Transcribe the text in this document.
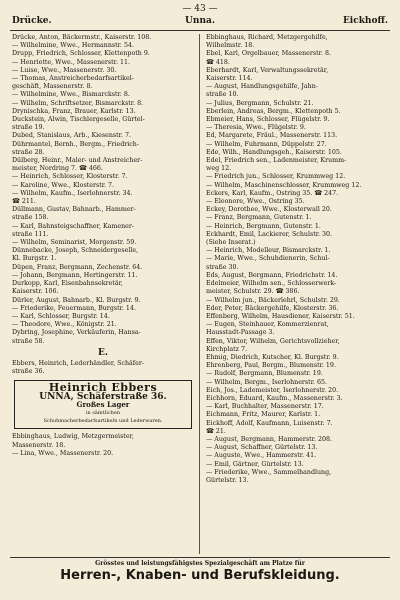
— 43 —
Drücke.	Unna.	Eickhoff.
Drücke, Anton, Bäckermstr., Kaiserstr. 108.
— Wilhelmine, Wwe., Hermannstr. 54.
Drupp, Friedrich, Schlosser, Klettenpoth 9.
— Henriette, Wwe., Massenerstr. 11.
— Luise, Wwe., Massenerstr. 30.
— Thomas, Anstreicherbedarfsartikel-
geschäft, Massenerstr. 8.
— Wilhelmine, Wwe., Bismarckstr. 8.
— Wilhelm, Schriftsetzer, Bismarckstr. 8.
Drynischka, Franz, Brauer, Karlstr. 13.
Duckstein, Alwin, Tischlergeselle, Gürtel-
straße 19.
Dubed, Stanislaus, Arb., Kiesenstr. 7.
Dührmantel, Bernh., Bergm., Friedrich-
straße 28.
Dülberg, Heinr., Maler- und Anstreicher-
meister, Nordring 7. ☎ 466.
— Heinrich, Schlosser, Klosterstr. 7.
— Karoline, Wwe., Klosterstr. 7.
— Wilhelm, Kaufm., Iserlohnerstr. 34.
☎ 211.
Düllmann, Gustav, Bahnarb., Hammer-
straße 158.
— Karl, Bahnsteigschaffner, Kamener-
straße 111.
— Wilhelm, Seminarist, Morgenstr. 59.
Dünnebacke, Joseph, Schneidergeselle,
Kl. Burgstr. 1.
Düpen, Franz, Bergmann, Zechenstr. 64.
— Johann, Bergmann, Hertingerstr. 11.
Durkopp, Karl, Eisenbahnsekretär,
Kaiserstr. 106.
Dürler, August, Bahnarb., Kl. Burgstr. 9.
— Friederike, Feuermann, Burgstr. 14.
— Karl, Schlosser, Burgstr. 14.
— Theodore, Wwe., Königstr. 21.
Dybring, Josephine, Verkäuferin, Hansa-
straße 58.
E.
Ebbers, Heinrich, Lederhändler, Schäfer-
straße 36.
Heinrich Ebbers
UNNA, Schäferstraße 36.
Großes Lager
in sämtlichen
Schuhmacherbedarfsartikeln und Lederwaren.
Ebbinghaus, Ludwig, Metzgermeister,
Massenerstr. 18.
— Lina, Wwe., Massenerstr. 20.
Ebbinghaus, Richard, Metzgergehilfe,
Wilhelmstr. 18.
Ebel, Karl, Orgelbauer, Massenerstr. 8.
☎ 418.
Eberhardt, Karl, Verwaltungssekretär,
Kaiserstr. 114.
— August, Handlungsgehilfe, Jahn-
straße 10.
— Julius, Bergmann, Schulstr. 21.
Eberlein, Andreas, Bergm., Klettenpoth 5.
Ebmeier, Hans, Schlosser, Flügelstr. 9.
— Theresia, Wwe., Flügelstr. 9.
Ed, Margarete, Fräul., Massenerstr. 113.
— Wilhelm, Fuhrmann, Düppelstr. 27.
Ede, Wilh., Handlungsgeh., Kaiserstr. 105.
Edel, Friedrich sen., Ladenmeister, Krumm-
weg 12.
— Friedrich jun., Schlosser, Krummweg 12.
— Wilhelm, Maschinenschlosser, Krummweg 12.
Eckers, Karl, Kaufm., Ostring 35. ☎ 247.
— Eleonore, Wwe., Ostring 35.
Eckey, Dorothee, Wwe., Klosterwall 20.
— Franz, Bergmann, Gutenstr. 1.
— Heinrich, Bergmann, Gutenstr. 1.
Eckhardt, Emil, Lackierer, Schulstr. 30.
(Siehe Inserat.)
— Heinrich, Modelleur, Bismarckstr. 1.
— Marie, Wwe., Schuhdienerin, Schul-
straße 30.
Eds, August, Bergmann, Friedrichstr. 14.
Edelmeier, Wilhelm sen., Schlosserwerk-
meister, Schulstr. 29. ☎ 386.
— Wilhelm jun., Bäckerlehrl, Schulstr. 29.
Eder, Peter, Bäckergehilfe, Klosterstr. 36.
Effenberg, Wilhelm, Hausdiener, Kaiserstr. 51.
— Eugen, Steinhauer, Kommerzienrat,
Hausstadt-Passage 3.
Effen, Viktor, Wilhelm, Gerichtsvollzieher,
Kirchplatz 7.
Ehmig, Diedrich, Kutscher, Kl. Burgstr. 9.
Ehrenberg, Paul, Bergm., Blumenstr. 19.
— Rudolf, Bergmann, Blumenstr. 19.
— Wilhelm, Bergm., Iserlohnerstr. 65.
Eich, Jos., Lademeister, Iserlohnerstr. 20.
Eichhorn, Eduard, Kaufm., Massenerstr. 3.
— Karl, Buchhalter, Massenerstr. 17.
Eichmann, Fritz, Maurer, Karlstr. 1.
Eickhoff, Adolf, Kaufmann, Luisenstr. 7.
☎ 21.
— August, Bergmann, Hammerstr. 208.
— August, Schaffner, Gürtelstr. 13.
— Auguste, Wwe., Hammerstr. 41.
— Emil, Gärtner, Gürtelstr. 13.
— Friederike, Wwe., Sammelhandlung,
Gürtelstr. 13.
Grösstes und leistungsfähigstes Spezialgeschäft am Platze für
Herren-, Knaben- und Berufskleidung.
